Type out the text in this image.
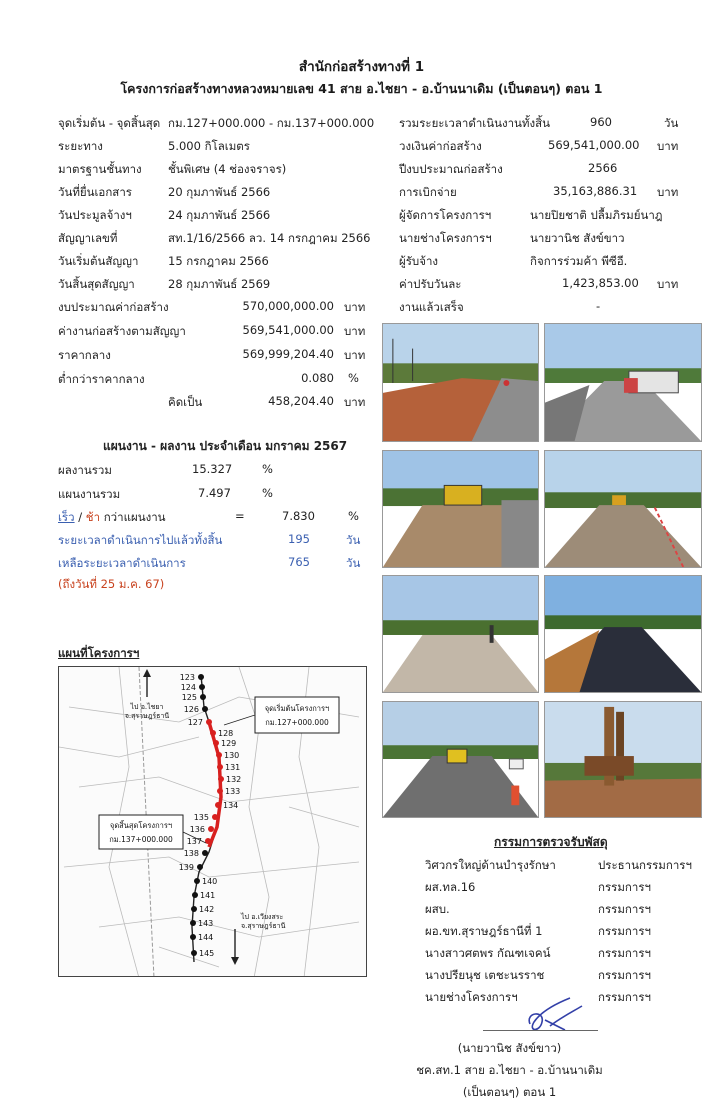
สำนักก่อสร้างทางที่ 1
โครงการก่อสร้างทางหลวงหมายเลข 41 สาย อ.ไชยา - อ.บ้านนาเดิม (เป็นตอนๆ) ตอน 1
จุดเริ่มต้น - จุดสิ้นสุด กม.127+000.000 - กม.137+000.000
ระยะทาง	5.000 กิโลเมตร
มาตรฐานชั้นทาง ชั้นพิเศษ (4 ช่องจราจร)
วันที่ยื่นเอกสาร	20 กุมภาพันธ์ 2566
วันประมูลจ้างฯ	24 กุมภาพันธ์ 2566
สัญญาเลขที่	สท.1/16/2566 ลว. 14 กรกฎาคม 2566
วันเริ่มต้นสัญญา	15 กรกฎาคม 2566
วันสิ้นสุดสัญญา	28 กุมภาพันธ์ 2569
รวมระยะเวลาดำเนินงานทั้งสิ้น	960	วัน
วงเงินค่าก่อสร้าง	569,541,000.00 บาท
ปีงบประมาณก่อสร้าง	2566
การเบิกจ่าย	35,163,886.31 บาท
ผู้จัดการโครงการฯ	นายปิยชาติ ปลื้มภิรมย์นาฎ
นายช่างโครงการฯ	นายวานิช สังข์ขาว
ผู้รับจ้าง	กิจการร่วมค้า พีซีอี.
ค่าปรับวันละ	1,423,853.00 บาท
งานแล้วเสร็จ	-
งบประมาณค่าก่อสร้าง	570,000,000.00 บาท
ค่างานก่อสร้างตามสัญญา	569,541,000.00 บาท
ราคากลาง	569,999,204.40 บาท
ต่ำกว่าราคากลาง	0.080 %
คิดเป็น	458,204.40 บาท
แผนงาน - ผลงาน ประจำเดือน มกราคม 2567
ผลงานรวม	15.327	%
แผนงานรวม	7.497	%
เร็ว / ช้า กว่าแผนงาน	=	7.830	%
ระยะเวลาดำเนินการไปแล้วทั้งสิ้น	195	วัน
เหลือระยะเวลาดำเนินการ	765	วัน
(ถึงวันที่ 25 ม.ค. 67)
แผนที่โครงการฯ
123
124
125
126
127
128
129
130
131
132
133
134
135
136
137
138
139
140
141
142
143
144
145
จุดเริ่มต้นโครงการฯ
กม.127+000.000
จุดสิ้นสุดโครงการฯ
กม.137+000.000
ไป อ.ไชยา
จ.สุราษฎร์ธานี
ไป อ.เวียงสระ
จ.สุราษฎร์ธานี
กรรมการตรวจรับพัสดุ
วิศวกรใหญ่ด้านบำรุงรักษา	ประธานกรรมการฯ
ผส.ทล.16	กรรมการฯ
ผสบ.	กรรมการฯ
ผอ.ขท.สุราษฎร์ธานีที่ 1	กรรมการฯ
นางสาวศตพร กัณฑเจคน์	กรรมการฯ
นางปรียนุช เตชะนรราช	กรรมการฯ
นายช่างโครงการฯ	กรรมการฯ
(นายวานิช สังข์ขาว)
ชค.สท.1 สาย อ.ไชยา - อ.บ้านนาเดิม
(เป็นตอนๆ) ตอน 1
